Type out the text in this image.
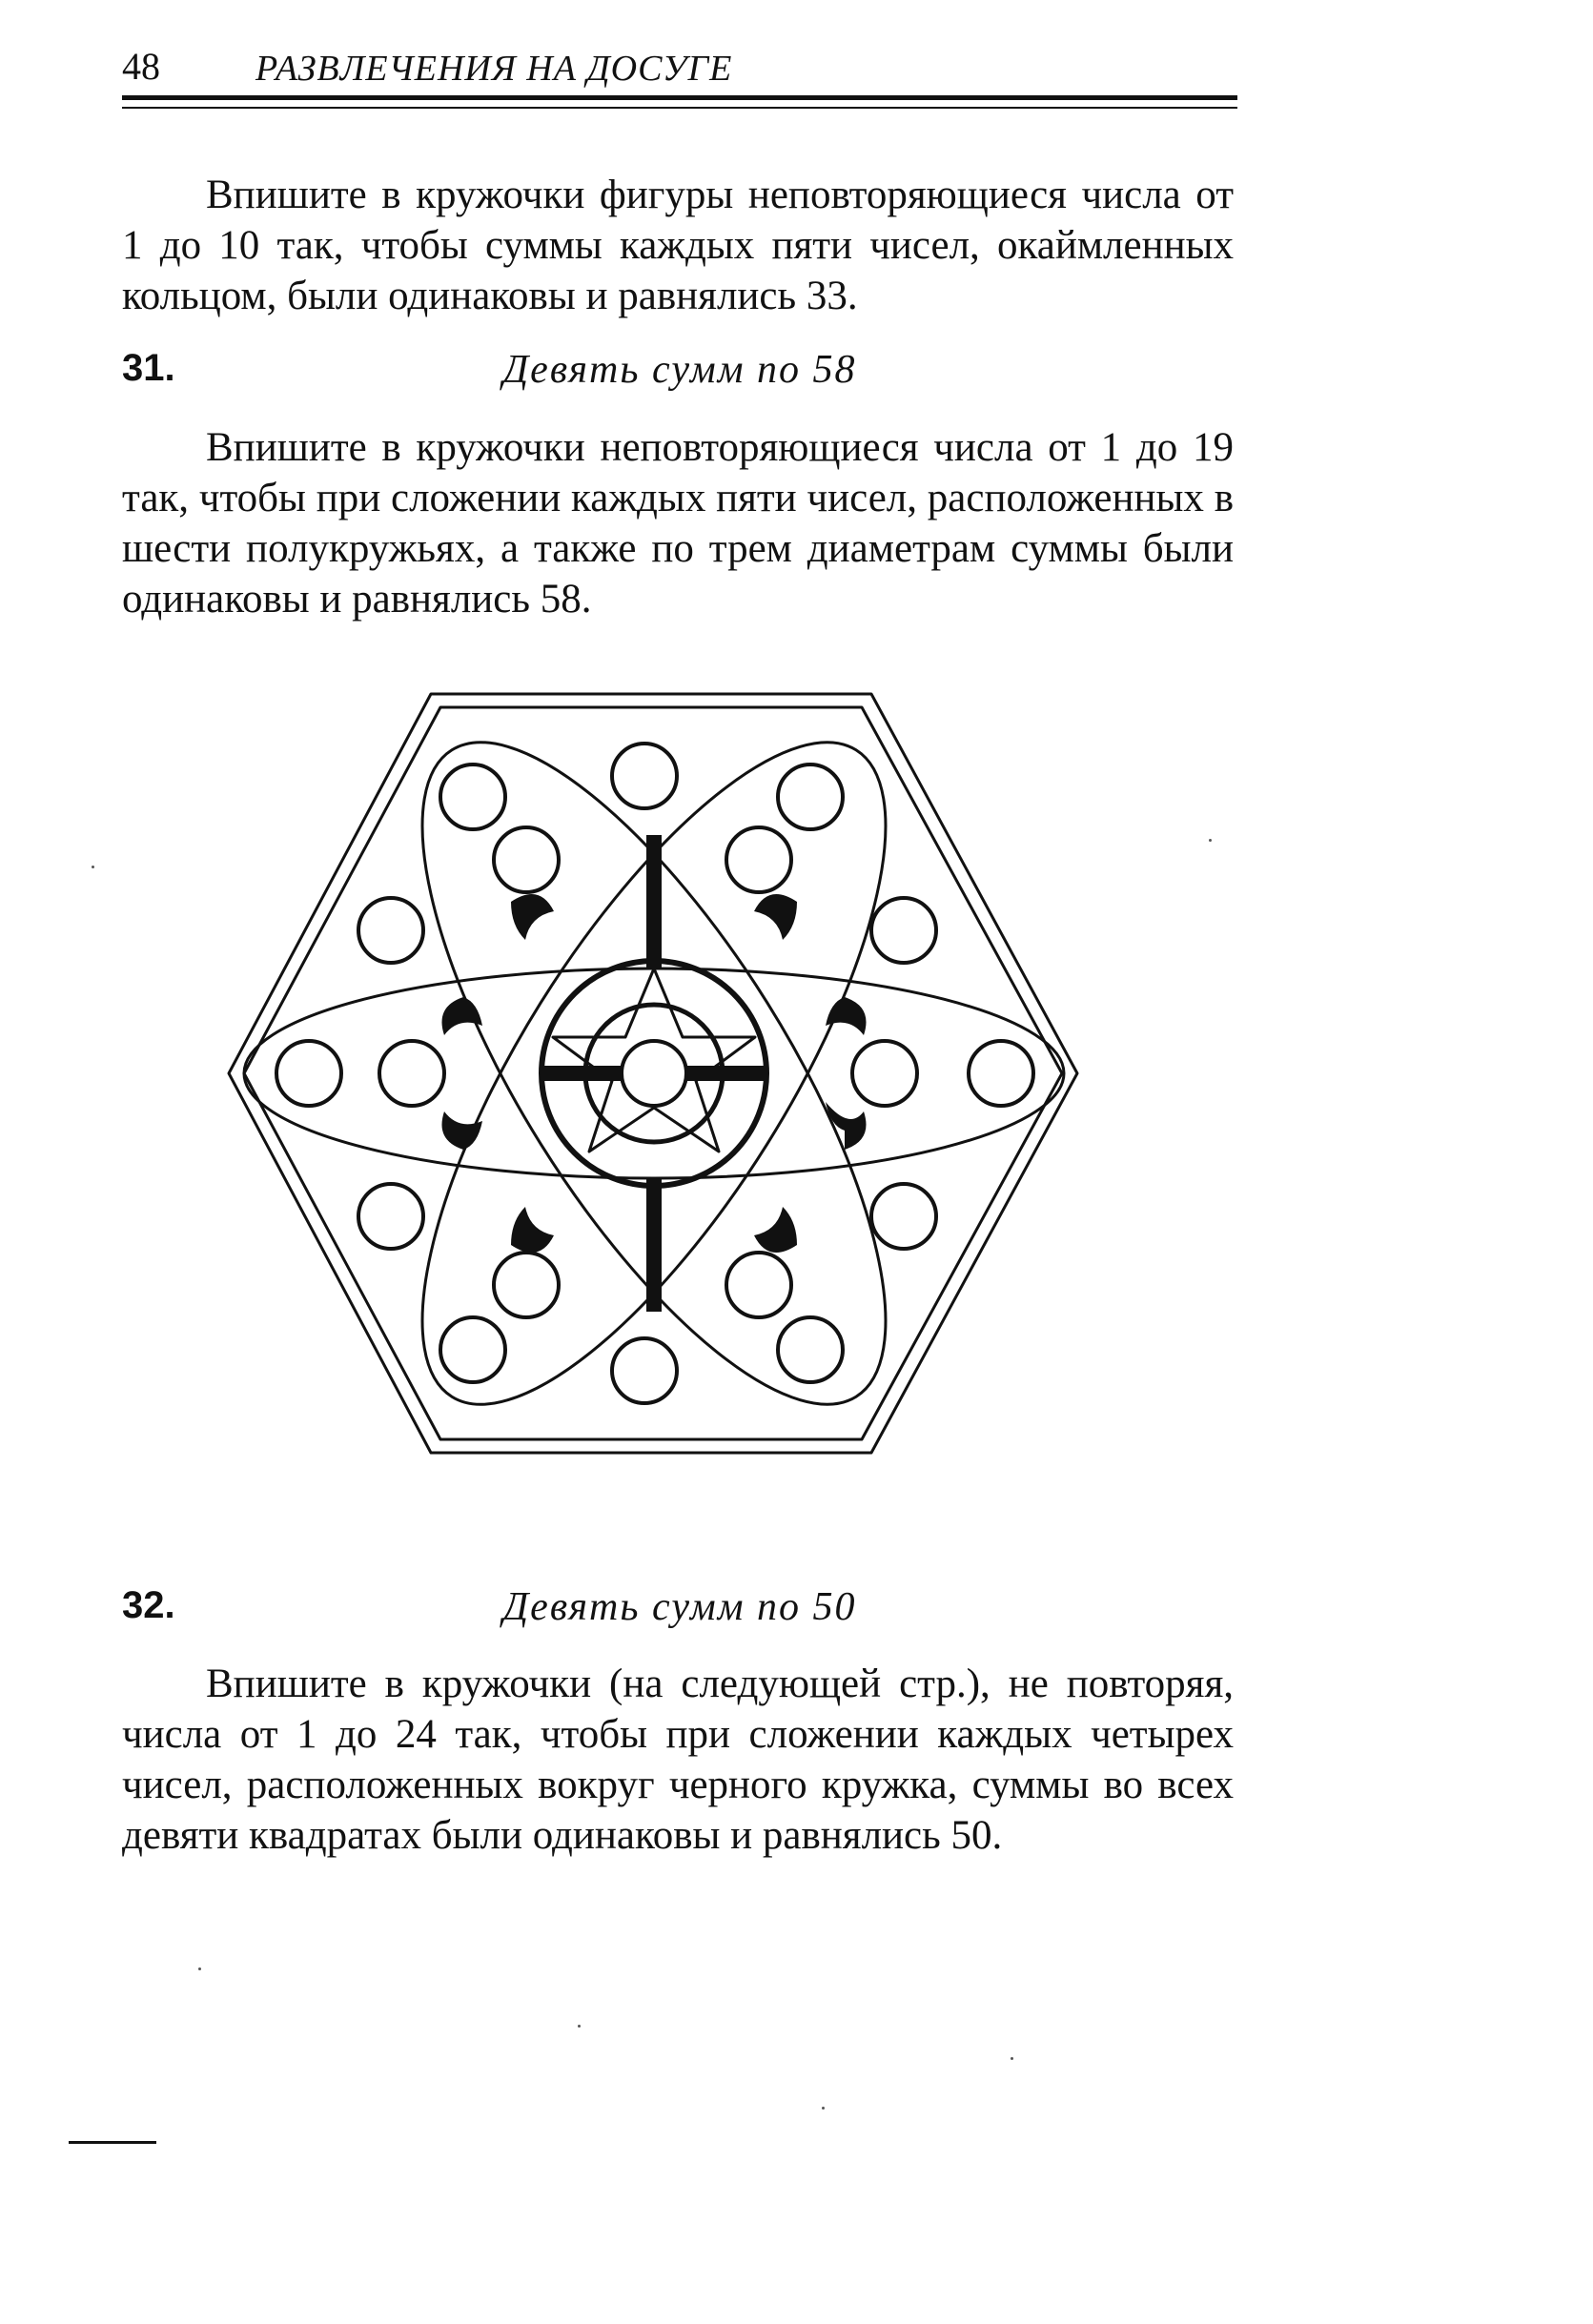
48	РАЗВЛЕЧЕНИЯ НА ДОСУГЕ

Впишите в кружочки фигуры неповторяющиеся числа от 1 до 10 так, чтобы суммы каждых пяти чисел, окаймленных кольцом, были одинаковы и равнялись 33.

31.	Девять сумм по 58

Впишите в кружочки неповторяющиеся числа от 1 до 19 так, чтобы при сложении каждых пяти чисел, расположенных в шести полукружьях, а также по трем диаметрам суммы были одинаковы и равнялись 58.

32.	Девять сумм по 50

Впишите в кружочки (на следующей стр.), не повторяя, числа от 1 до 24 так, чтобы при сложении каждых четырех чисел, расположенных вокруг черного кружка, суммы во всех девяти квадратах были одинаковы и равнялись 50.
